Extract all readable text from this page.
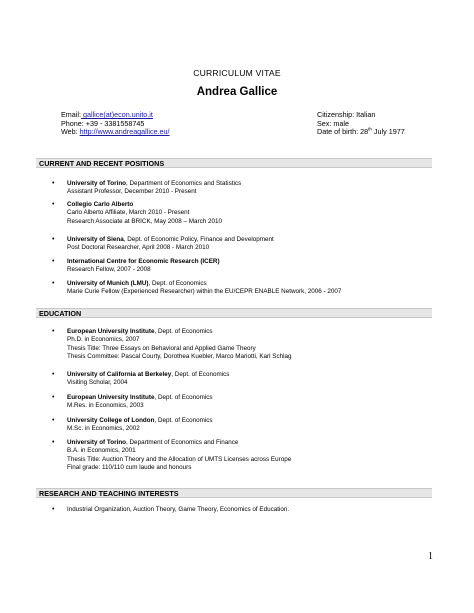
CURRICULUM VITAE
Andrea Gallice
Email: gallice(at)econ.unito.it
Phone: +39 - 3381558745
Web: http://www.andreagallice.eu/
Citizenship: Italian
Sex: male
Date of birth: 28th July 1977
CURRENT AND RECENT POSITIONS
• University of Torino, Department of Economics and Statistics
Assistant Professor, December 2010 - Present
• Collegio Carlo Alberto
Carlo Alberto Affiliate, March 2010 - Present
Research Associate at BRICK, May 2008 – March 2010
• University of Siena, Dept. of Economic Policy, Finance and Development
Post Doctoral Researcher, April 2008 - March 2010
• International Centre for Economic Research (ICER)
Research Fellow, 2007 - 2008
• University of Munich (LMU), Dept. of Economics
Marie Curie Fellow (Experienced Researcher) within the EU/CEPR ENABLE Network, 2006 - 2007
EDUCATION
• European University Institute, Dept. of Economics
Ph.D. in Economics, 2007
Thesis Title: Three Essays on Behavioral and Applied Game Theory
Thesis Committee: Pascal Courty, Dorothea Kuebler, Marco Mariotti, Karl Schlag
• University of California at Berkeley, Dept. of Economics
Visiting Scholar, 2004
• European University Institute, Dept. of Economics
M.Res. in Economics, 2003
• University College of London, Dept. of Economics
M.Sc. in Economics, 2002
• University of Torino, Department of Economics and Finance
B.A. in Economics, 2001
Thesis Title: Auction Theory and the Allocation of UMTS Licenses across Europe
Final grade: 110/110 cum laude and honours
RESEARCH AND TEACHING INTERESTS
• Industrial Organization, Auction Theory, Game Theory, Economics of Education.
1
